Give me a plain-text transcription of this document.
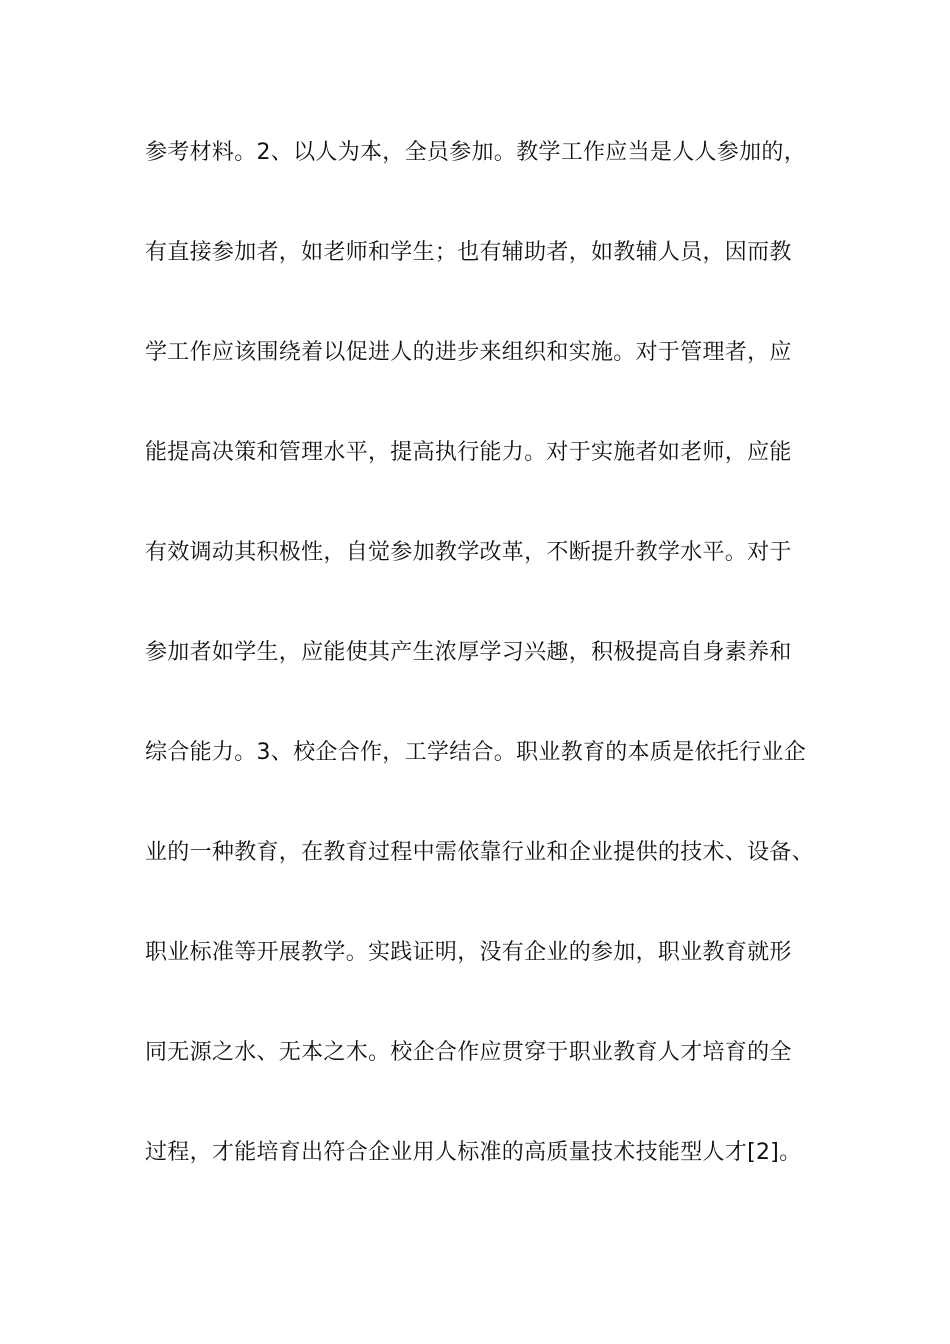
参考材料。2、以人为本，全员参加。教学工作应当是人人参加的，
有直接参加者，如老师和学生；也有辅助者，如教辅人员，因而教
学工作应该围绕着以促进人的进步来组织和实施。对于管理者，应
能提高决策和管理水平，提高执行能力。对于实施者如老师，应能
有效调动其积极性，自觉参加教学改革，不断提升教学水平。对于
参加者如学生，应能使其产生浓厚学习兴趣，积极提高自身素养和
综合能力。3、校企合作，工学结合。职业教育的本质是依托行业企
业的一种教育，在教育过程中需依靠行业和企业提供的技术、设备、
职业标准等开展教学。实践证明，没有企业的参加，职业教育就形
同无源之水、无本之木。校企合作应贯穿于职业教育人才培育的全
过程，才能培育出符合企业用人标准的高质量技术技能型人才[2]。
